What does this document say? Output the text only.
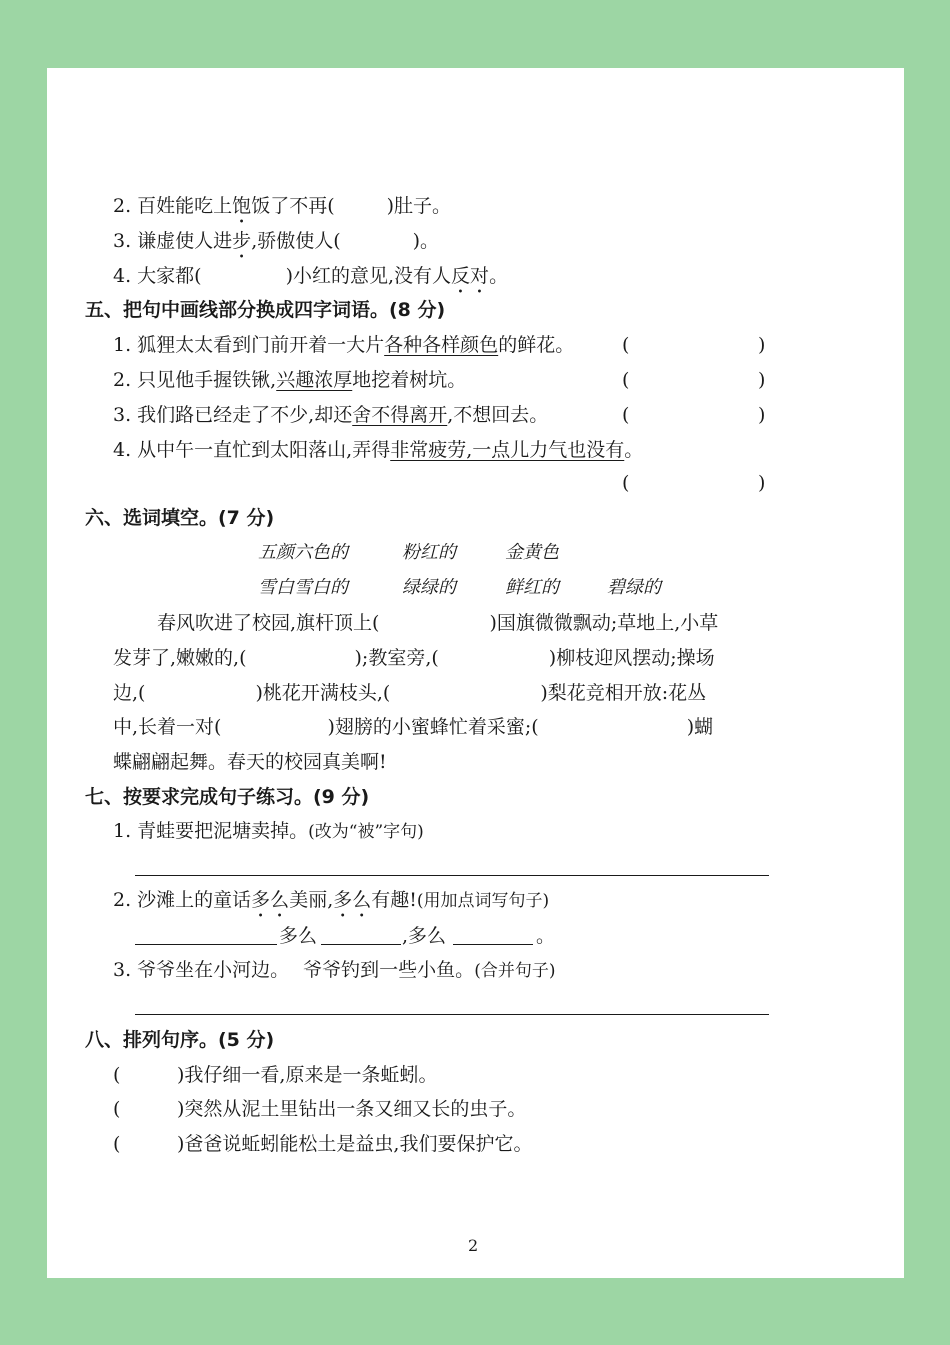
2. 百姓能吃上饱饭了不再(	)肚子。
3. 谦虚使人进步,骄傲使人(	)。
4. 大家都(	)小红的意见,没有人反对。
五、把句中画线部分换成四字词语。(8 分)
1. 狐狸太太看到门前开着一大片各种各样颜色的鲜花。	(	)
2. 只见他手握铁锹,兴趣浓厚地挖着树坑。	(	)
3. 我们路已经走了不少,却还舍不得离开,不想回去。	(	)
4. 从中午一直忙到太阳落山,弄得非常疲劳,一点儿力气也没有。
(	)
六、选词填空。(7 分)
五颜六色的	粉红的	金黄色
雪白雪白的	绿绿的	鲜红的	碧绿的
春风吹进了校园,旗杆顶上(	)国旗微微飘动;草地上,小草
发芽了,嫩嫩的,(	);教室旁,(	)柳枝迎风摆动;操场
边,(	)桃花开满枝头,(	)梨花竞相开放:花丛
中,长着一对(	)翅膀的小蜜蜂忙着采蜜;(	)蝴
蝶翩翩起舞。春天的校园真美啊!
七、按要求完成句子练习。(9 分)
1. 青蛙要把泥塘卖掉。(改为“被”字句)
2. 沙滩上的童话多么美丽,多么有趣!(用加点词写句子)
多么	,多么	。
3. 爷爷坐在小河边。 爷爷钓到一些小鱼。(合并句子)
八、排列句序。(5 分)
(	)我仔细一看,原来是一条蚯蚓。
(	)突然从泥土里钻出一条又细又长的虫子。
(	)爸爸说蚯蚓能松土是益虫,我们要保护它。
2
